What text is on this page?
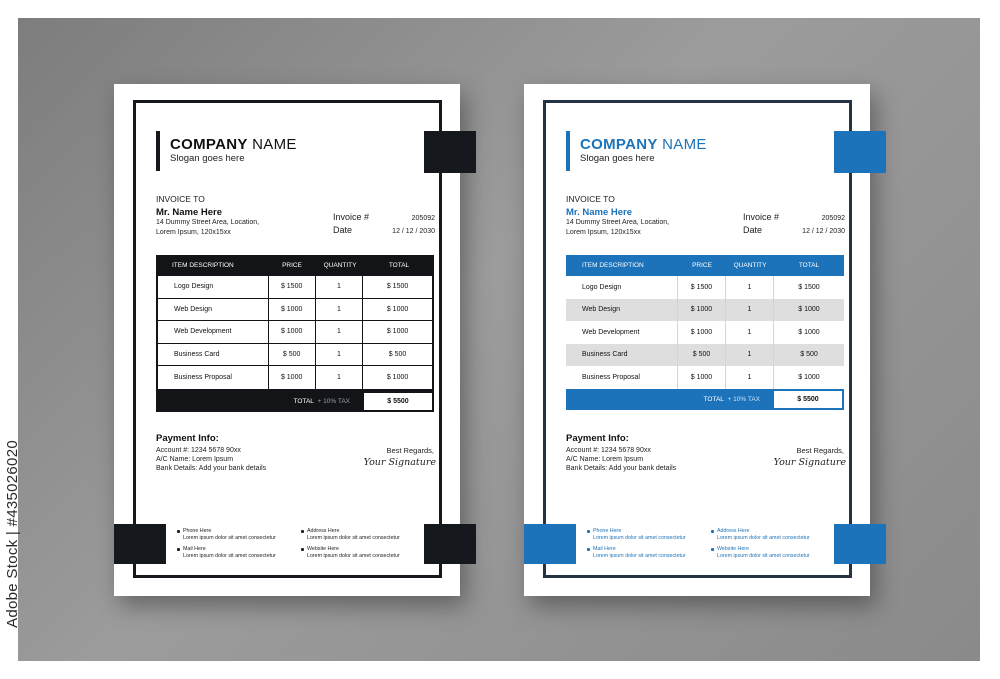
Adobe Stock | #435026020
COMPANY NAME
Slogan goes here
INVOICE TO
Mr. Name Here
14 Dummy Street Area, Location,
Lorem Ipsum, 120x15xx
Invoice #	205092
Date	12 / 12 / 2030
ITEM DESCRIPTION	PRICE	QUANTITY	TOTAL
Logo Design	$ 1500	1	$ 1500
Web Design	$ 1000	1	$ 1000
Web Development	$ 1000	1	$ 1000
Business Card	$ 500	1	$ 500
Business Proposal	$ 1000	1	$ 1000
TOTAL + 10% TAX	$ 5500
Payment Info:
Account #: 1234 5678 90xx
A/C Name: Lorem Ipsum
Bank Details: Add your bank details
Best Regards,
Your Signature
Phone Here
Lorem ipsum dolor sit amet consectetur
Mail Here
Lorem ipsum dolor sit amet consectetur
Address Here
Lorem ipsum dolor sit amet consectetur
Website Here
Lorem ipsum dolor sit amet consectetur
COMPANY NAME
Slogan goes here
INVOICE TO
Mr. Name Here
14 Dummy Street Area, Location,
Lorem Ipsum, 120x15xx
Invoice #	205092
Date	12 / 12 / 2030
ITEM DESCRIPTION	PRICE	QUANTITY	TOTAL
Logo Design	$ 1500	1	$ 1500
Web Design	$ 1000	1	$ 1000
Web Development	$ 1000	1	$ 1000
Business Card	$ 500	1	$ 500
Business Proposal	$ 1000	1	$ 1000
TOTAL + 10% TAX	$ 5500
Payment Info:
Account #: 1234 5678 90xx
A/C Name: Lorem Ipsum
Bank Details: Add your bank details
Best Regards,
Your Signature
Phone Here
Lorem ipsum dolor sit amet consectetur
Mail Here
Lorem ipsum dolor sit amet consectetur
Address Here
Lorem ipsum dolor sit amet consectetur
Website Here
Lorem ipsum dolor sit amet consectetur
